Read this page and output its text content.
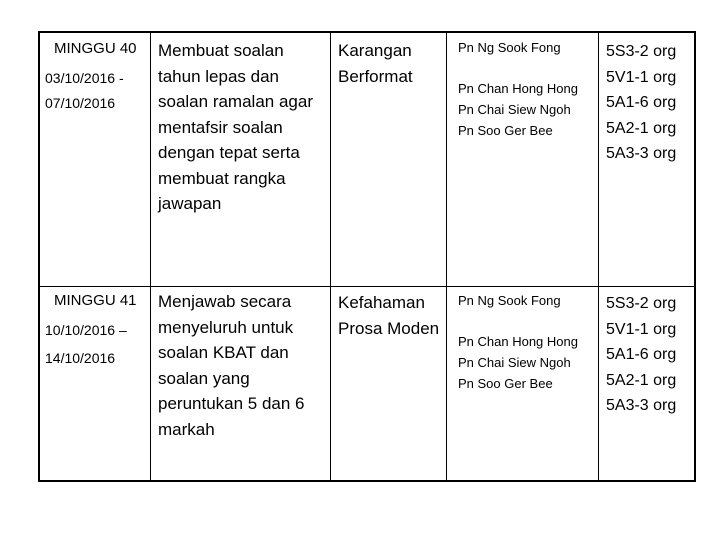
MINGGU 40
03/10/2016 -
07/10/2016
Membuat soalan
tahun lepas dan
soalan ramalan agar
mentafsir soalan
dengan tepat serta
membuat rangka
jawapan
Karangan
Berformat
Pn Ng Sook Fong
Pn Chan Hong Hong
Pn Chai Siew Ngoh
Pn Soo Ger Bee
5S3-2 org
5V1-1 org
5A1-6 org
5A2-1 org
5A3-3 org
MINGGU 41
10/10/2016 –
14/10/2016
Menjawab secara
menyeluruh untuk
soalan KBAT dan
soalan yang
peruntukan 5 dan 6
markah
Kefahaman
Prosa Moden
Pn Ng Sook Fong
Pn Chan Hong Hong
Pn Chai Siew Ngoh
Pn Soo Ger Bee
5S3-2 org
5V1-1 org
5A1-6 org
5A2-1 org
5A3-3 org
